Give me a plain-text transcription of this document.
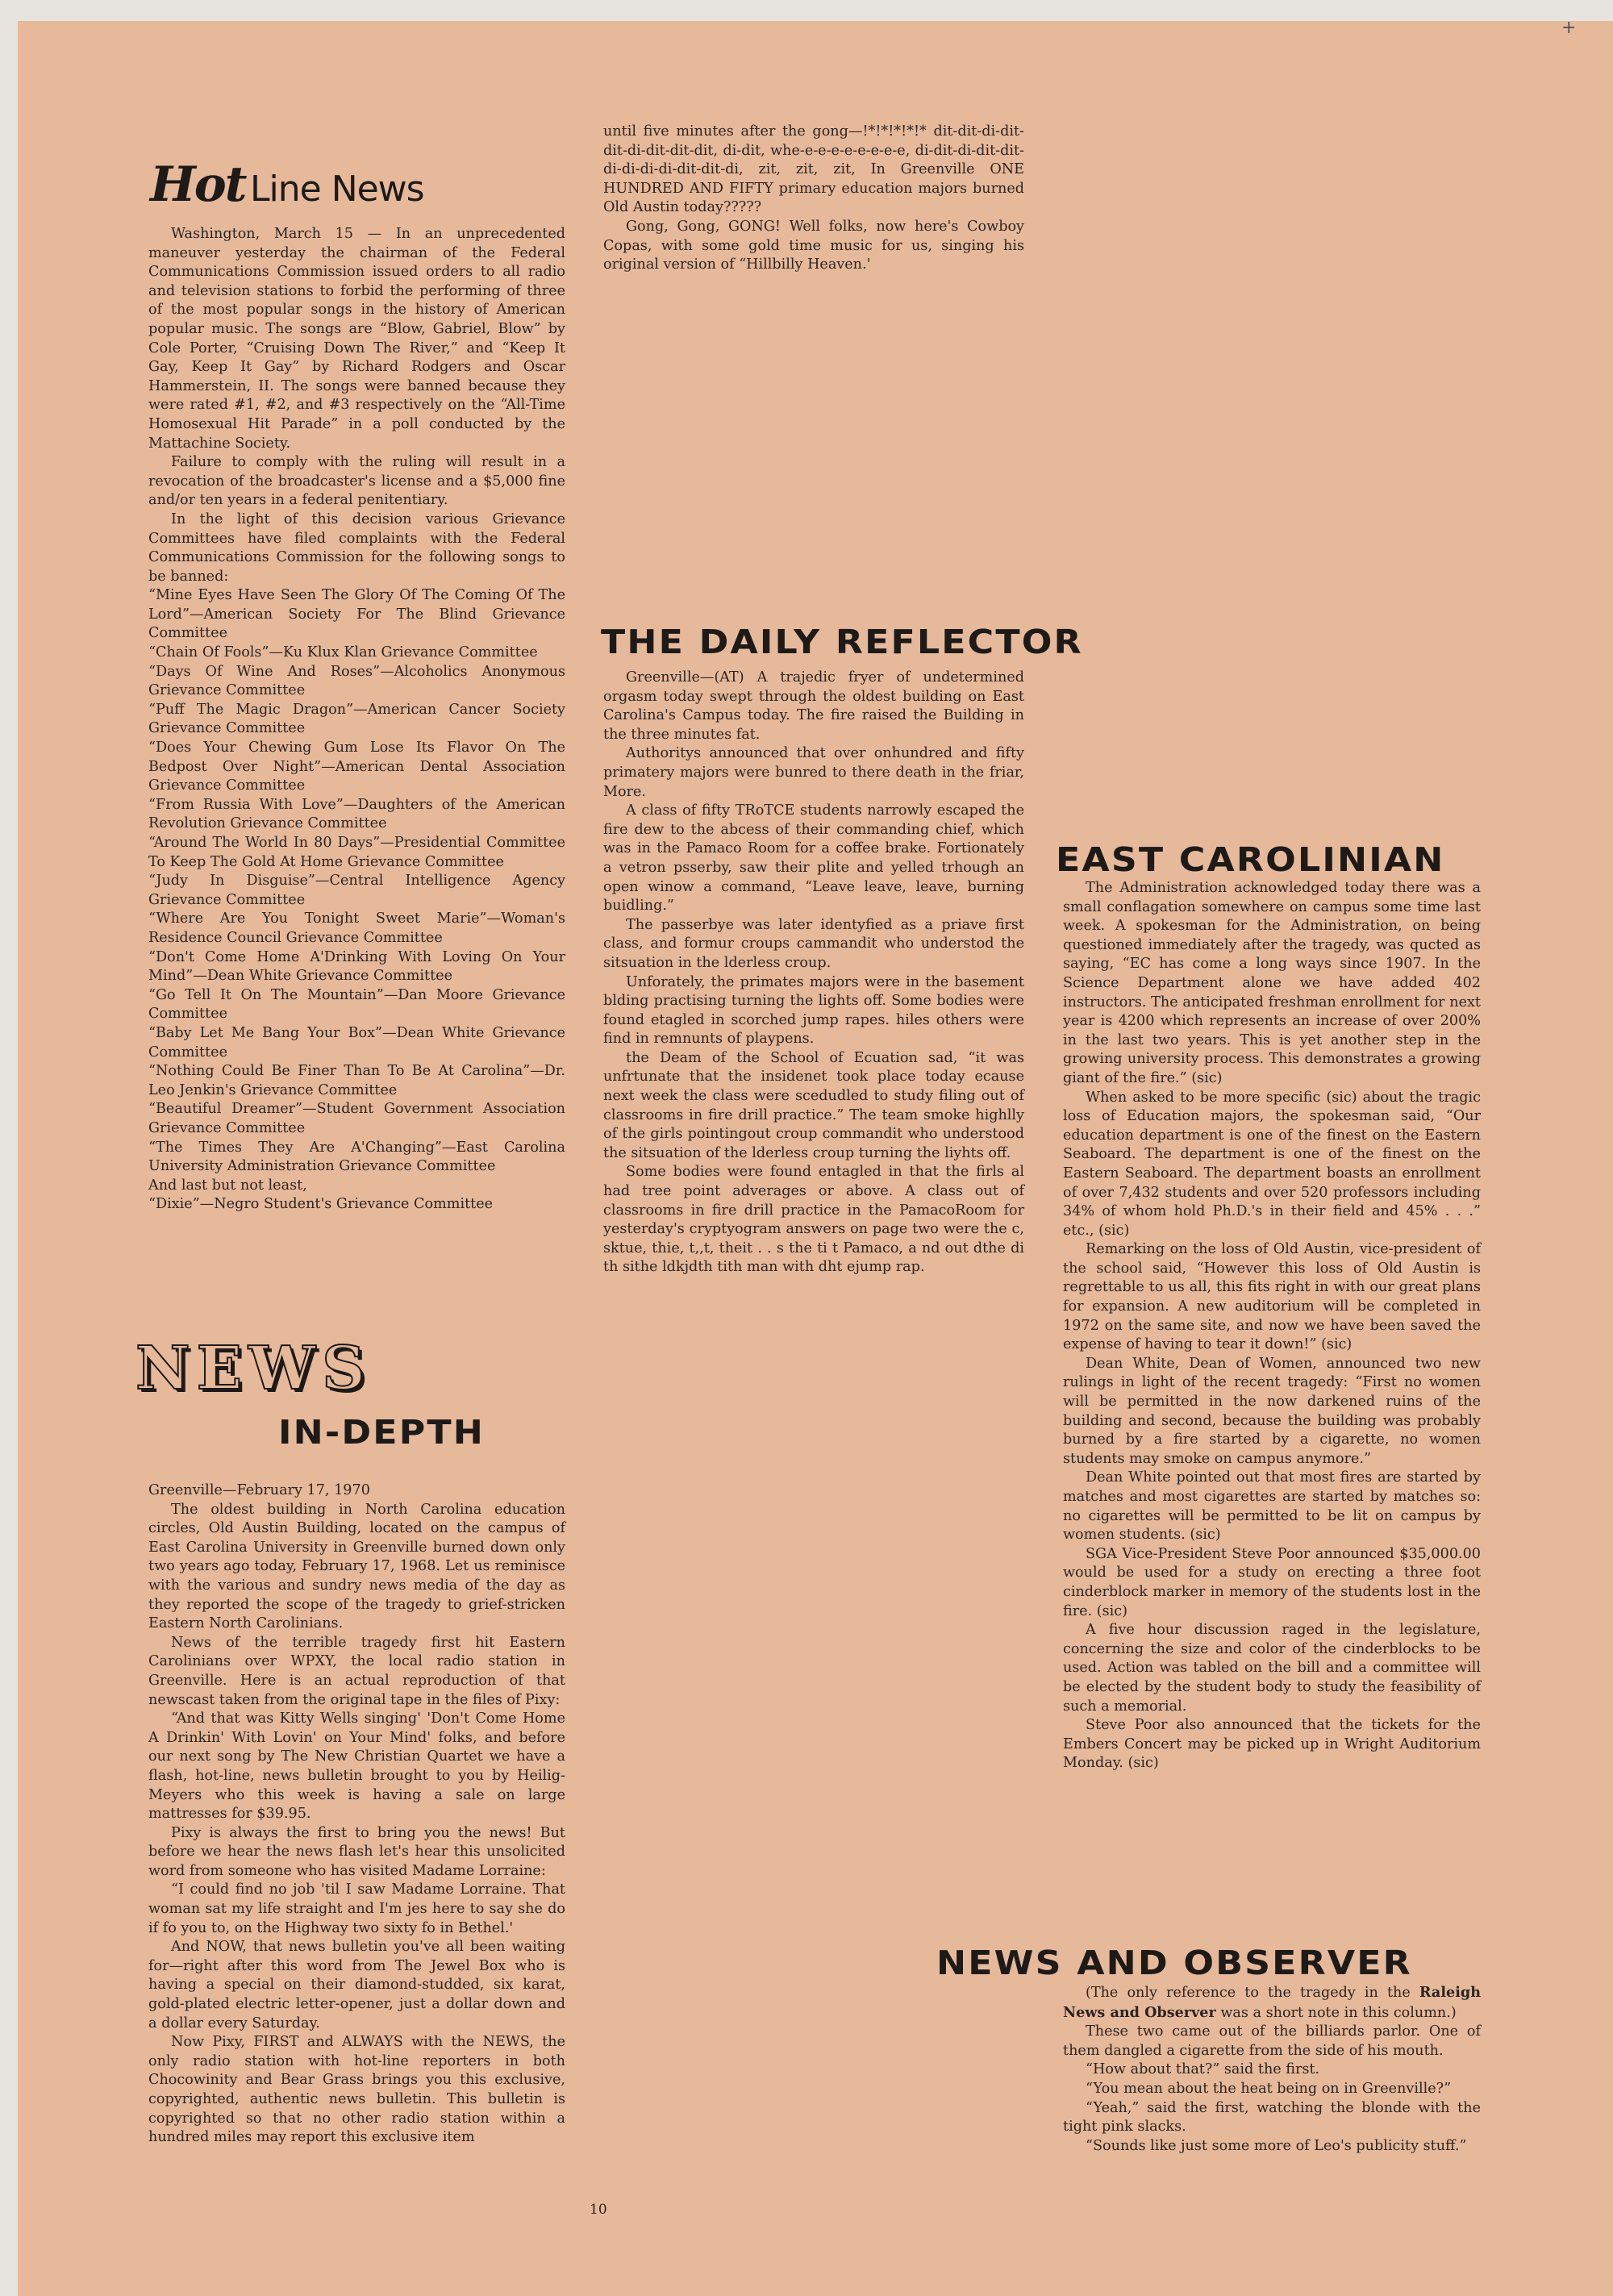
+
Hot Line News

Washington, March 15 — In an unprecedented maneuver yesterday the chairman of the Federal Communications Commission issued orders to all radio and television stations to forbid the performing of three of the most popular songs in the history of American popular music. The songs are “Blow, Gabriel, Blow” by Cole Porter, “Cruising Down The River,” and “Keep It Gay, Keep It Gay” by Richard Rodgers and Oscar Hammerstein, II. The songs were banned because they were rated #1, #2, and #3 respectively on the “All-Time Homosexual Hit Parade” in a poll conducted by the Mattachine Society.

Failure to comply with the ruling will result in a revocation of the broadcaster's license and a $5,000 fine and/or ten years in a federal penitentiary.

In the light of this decision various Grievance Committees have filed complaints with the Federal Communications Commission for the following songs to be banned:

“Mine Eyes Have Seen The Glory Of The Coming Of The Lord”—American Society For The Blind Grievance Committee

“Chain Of Fools”—Ku Klux Klan Grievance Committee

“Days Of Wine And Roses”—Alcoholics Anonymous Grievance Committee

“Puff The Magic Dragon”—American Cancer Society Grievance Committee

“Does Your Chewing Gum Lose Its Flavor On The Bedpost Over Night”—American Dental Association Grievance Committee

“From Russia With Love”—Daughters of the American Revolution Grievance Committee

“Around The World In 80 Days”—Presidential Committee To Keep The Gold At Home Grievance Committee

“Judy In Disguise”—Central Intelligence Agency Grievance Committee

“Where Are You Tonight Sweet Marie”—Woman's Residence Council Grievance Committee

“Don't Come Home A'Drinking With Loving On Your Mind”—Dean White Grievance Committee

“Go Tell It On The Mountain”—Dan Moore Grievance Committee

“Baby Let Me Bang Your Box”—Dean White Grievance Committee

“Nothing Could Be Finer Than To Be At Carolina”—Dr. Leo Jenkin's Grievance Committee

“Beautiful Dreamer”—Student Government Association Grievance Committee

“The Times They Are A'Changing”—East Carolina University Administration Grievance Committee

And last but not least,

“Dixie”—Negro Student's Grievance Committee

NEWS
IN-DEPTH

Greenville—February 17, 1970

The oldest building in North Carolina education circles, Old Austin Building, located on the campus of East Carolina University in Greenville burned down only two years ago today, February 17, 1968. Let us reminisce with the various and sundry news media of the day as they reported the scope of the tragedy to grief-stricken Eastern North Carolinians.

News of the terrible tragedy first hit Eastern Carolinians over WPXY, the local radio station in Greenville. Here is an actual reproduction of that newscast taken from the original tape in the files of Pixy:

“And that was Kitty Wells singing' 'Don't Come Home A Drinkin' With Lovin' on Your Mind' folks, and before our next song by The New Christian Quartet we have a flash, hot-line, news bulletin brought to you by Heilig-Meyers who this week is having a sale on large mattresses for $39.95.

Pixy is always the first to bring you the news! But before we hear the news flash let's hear this unsolicited word from someone who has visited Madame Lorraine:

“I could find no job 'til I saw Madame Lorraine. That woman sat my life straight and I'm jes here to say she do if fo you to, on the Highway two sixty fo in Bethel.'

And NOW, that news bulletin you've all been waiting for—right after this word from The Jewel Box who is having a special on their diamond-studded, six karat, gold-plated electric letter-opener, just a dollar down and a dollar every Saturday.

Now Pixy, FIRST and ALWAYS with the NEWS, the only radio station with hot-line reporters in both Chocowinity and Bear Grass brings you this exclusive, copyrighted, authentic news bulletin. This bulletin is copyrighted so that no other radio station within a hundred miles may report this exclusive item

until five minutes after the gong—!*!*!*!*!* dit-dit-di-dit-dit-di-dit-dit-dit, di-dit, whe-e-e-e-e-e-e-e-e, di-dit-di-dit-dit-di-di-di-di-dit-dit-di, zit, zit, zit, In Greenville ONE HUNDRED AND FIFTY primary education majors burned Old Austin today?????

Gong, Gong, GONG! Well folks, now here's Cowboy Copas, with some gold time music for us, singing his original version of “Hillbilly Heaven.'

THE DAILY REFLECTOR

Greenville—(AT) A trajedic fryer of undetermined orgasm today swept through the oldest building on East Carolina's Campus today. The fire raised the Building in the three minutes fat.

Authoritys announced that over onhundred and fifty primatery majors were bunred to there death in the friar, More.

A class of fifty TRoTCE students narrowly escaped the fire dew to the abcess of their commanding chief, which was in the Pamaco Room for a coffee brake. Fortionately a vetron psserby, saw their plite and yelled trhough an open winow a command, “Leave leave, leave, burning buidling.”

The passerbye was later identyfied as a priave first class, and formur croups cammandit who understod the sitsuation in the lderless croup.

Unforately, the primates majors were in the basement blding practising turning the lights off. Some bodies were found etagled in scorched jump rapes. hiles others were find in remnunts of playpens.

the Deam of the School of Ecuation sad, “it was unfrtunate that the insidenet took place today ecause next week the class were scedudled to study filing out of classrooms in fire drill practice.” The team smoke highlly of the girls pointingout croup commandit who understood the sitsuation of the lderless croup turning the liyhts off.

Some bodies were found entagled in that the firls al had tree point adverages or above. A class out of classrooms in fire drill practice in the PamacoRoom for yesterday's cryptyogram answers on page two were the c, sktue, thie, t,,t, theit . . s the ti t Pamaco, a nd out dthe di th sithe ldkjdth tith man with dht ejump rap.

EAST CAROLINIAN

The Administration acknowledged today there was a small conflagation somewhere on campus some time last week. A spokesman for the Administration, on being questioned immediately after the tragedy, was qucted as saying, “EC has come a long ways since 1907. In the Science Department alone we have added 402 instructors. The anticipated freshman enrollment for next year is 4200 which represents an increase of over 200% in the last two years. This is yet another step in the growing university process. This demonstrates a growing giant of the fire.” (sic)

When asked to be more specific (sic) about the tragic loss of Education majors, the spokesman said, “Our education department is one of the finest on the Eastern Seaboard. The department is one of the finest on the Eastern Seaboard. The department boasts an enrollment of over 7,432 students and over 520 professors including 34% of whom hold Ph.D.'s in their field and 45% . . .” etc., (sic)

Remarking on the loss of Old Austin, vice-president of the school said, “However this loss of Old Austin is regrettable to us all, this fits right in with our great plans for expansion. A new auditorium will be completed in 1972 on the same site, and now we have been saved the expense of having to tear it down!” (sic)

Dean White, Dean of Women, announced two new rulings in light of the recent tragedy: “First no women will be permitted in the now darkened ruins of the building and second, because the building was probably burned by a fire started by a cigarette, no women students may smoke on campus anymore.”

Dean White pointed out that most fires are started by matches and most cigarettes are started by matches so: no cigarettes will be permitted to be lit on campus by women students. (sic)

SGA Vice-President Steve Poor announced $35,000.00 would be used for a study on erecting a three foot cinderblock marker in memory of the students lost in the fire. (sic)

A five hour discussion raged in the legislature, concerning the size and color of the cinderblocks to be used. Action was tabled on the bill and a committee will be elected by the student body to study the feasibility of such a memorial.

Steve Poor also announced that the tickets for the Embers Concert may be picked up in Wright Auditorium Monday. (sic)

NEWS AND OBSERVER

(The only reference to the tragedy in the Raleigh News and Observer was a short note in this column.)

These two came out of the billiards parlor. One of them dangled a cigarette from the side of his mouth.

“How about that?” said the first.

“You mean about the heat being on in Greenville?”

“Yeah,” said the first, watching the blonde with the tight pink slacks.

“Sounds like just some more of Leo's publicity stuff.”

10
